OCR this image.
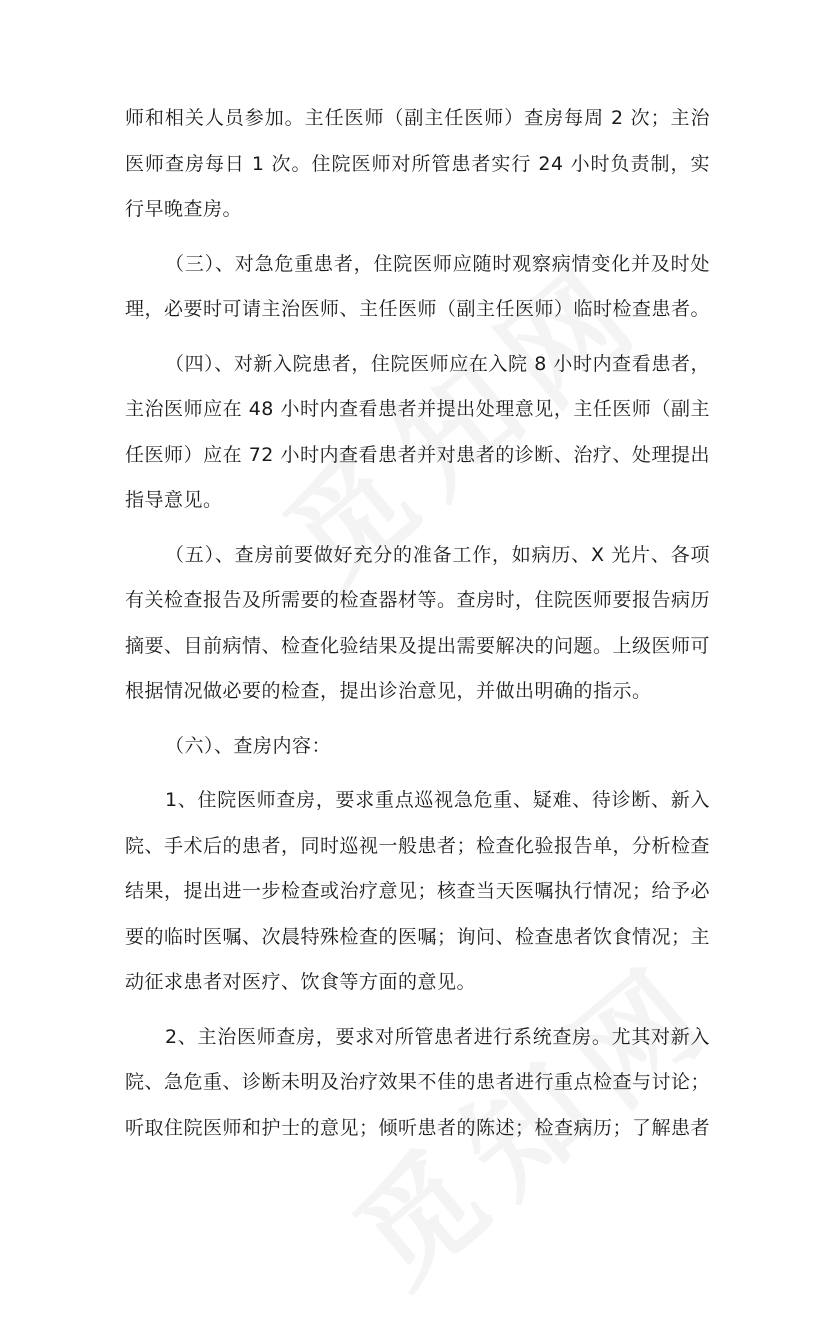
师和相关人员参加。主任医师（副主任医师）查房每周 2 次；主治医师查房每日 1 次。住院医师对所管患者实行 24 小时负责制，实行早晚查房。

（三）、对急危重患者，住院医师应随时观察病情变化并及时处理，必要时可请主治医师、主任医师（副主任医师）临时检查患者。

（四）、对新入院患者，住院医师应在入院 8 小时内查看患者，主治医师应在 48 小时内查看患者并提出处理意见，主任医师（副主任医师）应在 72 小时内查看患者并对患者的诊断、治疗、处理提出指导意见。

（五）、查房前要做好充分的准备工作，如病历、X 光片、各项有关检查报告及所需要的检查器材等。查房时，住院医师要报告病历摘要、目前病情、检查化验结果及提出需要解决的问题。上级医师可根据情况做必要的检查，提出诊治意见，并做出明确的指示。

（六）、查房内容：

1、住院医师查房，要求重点巡视急危重、疑难、待诊断、新入院、手术后的患者，同时巡视一般患者；检查化验报告单，分析检查结果，提出进一步检查或治疗意见；核查当天医嘱执行情况；给予必要的临时医嘱、次晨特殊检查的医嘱；询问、检查患者饮食情况；主动征求患者对医疗、饮食等方面的意见。

2、主治医师查房，要求对所管患者进行系统查房。尤其对新入院、急危重、诊断未明及治疗效果不佳的患者进行重点检查与讨论；听取住院医师和护士的意见；倾听患者的陈述；检查病历；了解患者
